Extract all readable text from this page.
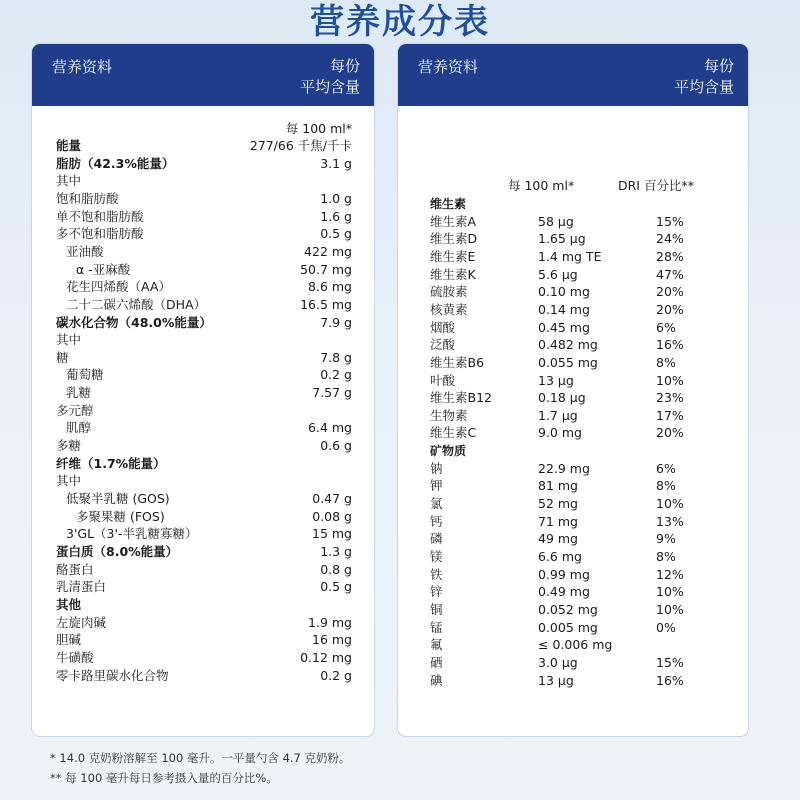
营养成分表
营养资料	每份
平均含量
每 100 ml*
能量	277/66 千焦/千卡
脂肪（42.3%能量）	3.1 g
其中
饱和脂肪酸	1.0 g
单不饱和脂肪酸	1.6 g
多不饱和脂肪酸	0.5 g
亚油酸	422 mg
α -亚麻酸	50.7 mg
花生四烯酸（AA）	8.6 mg
二十二碳六烯酸（DHA）	16.5 mg
碳水化合物（48.0%能量）	7.9 g
其中
糖	7.8 g
葡萄糖	0.2 g
乳糖	7.57 g
多元醇
肌醇	6.4 mg
多糖	0.6 g
纤维（1.7%能量）
其中
低聚半乳糖 (GOS)	0.47 g
多聚果糖 (FOS)	0.08 g
3'GL（3'-半乳糖寡糖）	15 mg
蛋白质（8.0%能量）	1.3 g
酪蛋白	0.8 g
乳清蛋白	0.5 g
其他
左旋肉碱	1.9 mg
胆碱	16 mg
牛磺酸	0.12 mg
零卡路里碳水化合物	0.2 g
营养资料	每份
平均含量
每 100 ml*	DRI 百分比**
维生素
维生素A	58 μg	15%
维生素D	1.65 μg	24%
维生素E	1.4 mg TE	28%
维生素K	5.6 μg	47%
硫胺素	0.10 mg	20%
核黄素	0.14 mg	20%
烟酸	0.45 mg	6%
泛酸	0.482 mg	16%
维生素B6	0.055 mg	8%
叶酸	13 μg	10%
维生素B12	0.18 μg	23%
生物素	1.7 μg	17%
维生素C	9.0 mg	20%
矿物质
钠	22.9 mg	6%
钾	81 mg	8%
氯	52 mg	10%
钙	71 mg	13%
磷	49 mg	9%
镁	6.6 mg	8%
铁	0.99 mg	12%
锌	0.49 mg	10%
铜	0.052 mg	10%
锰	0.005 mg	0%
氟	≤ 0.006 mg
硒	3.0 μg	15%
碘	13 μg	16%
* 14.0 克奶粉溶解至 100 毫升。一平量勺含 4.7 克奶粉。
** 每 100 毫升每日参考摄入量的百分比%。
